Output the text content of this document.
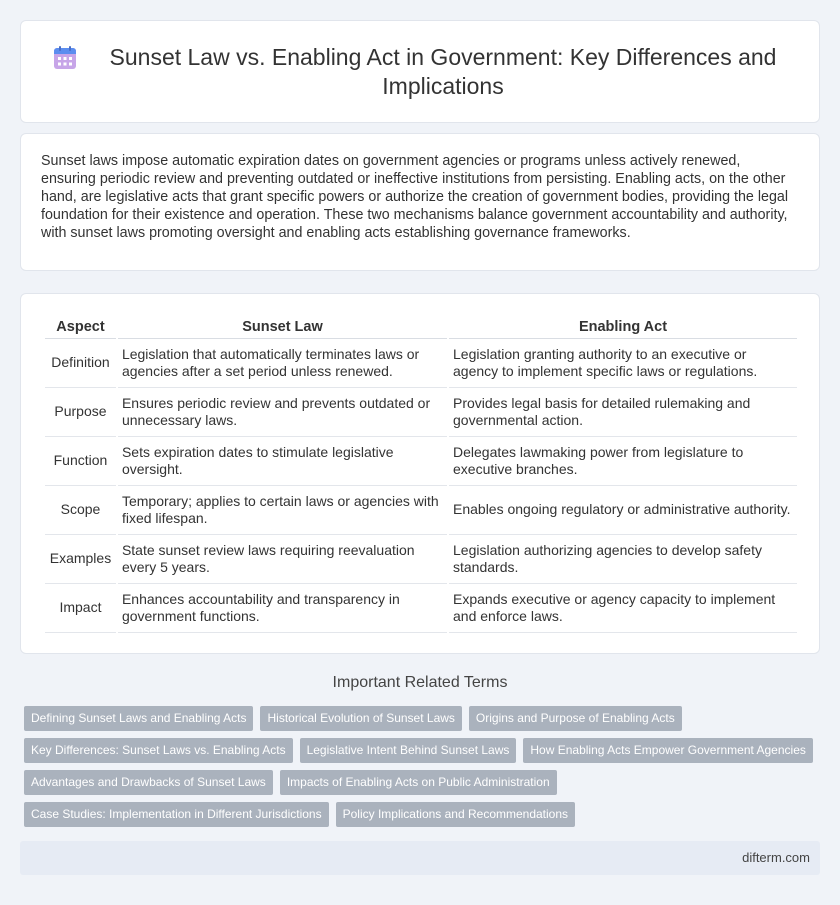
Sunset Law vs. Enabling Act in Government: Key Differences and Implications

Sunset laws impose automatic expiration dates on government agencies or programs unless actively renewed, ensuring periodic review and preventing outdated or ineffective institutions from persisting. Enabling acts, on the other hand, are legislative acts that grant specific powers or authorize the creation of government bodies, providing the legal foundation for their existence and operation. These two mechanisms balance government accountability and authority, with sunset laws promoting oversight and enabling acts establishing governance frameworks.

Aspect	Sunset Law	Enabling Act
Definition	Legislation that automatically terminates laws or agencies after a set period unless renewed.	Legislation granting authority to an executive or agency to implement specific laws or regulations.
Purpose	Ensures periodic review and prevents outdated or unnecessary laws.	Provides legal basis for detailed rulemaking and governmental action.
Function	Sets expiration dates to stimulate legislative oversight.	Delegates lawmaking power from legislature to executive branches.
Scope	Temporary; applies to certain laws or agencies with fixed lifespan.	Enables ongoing regulatory or administrative authority.
Examples	State sunset review laws requiring reevaluation every 5 years.	Legislation authorizing agencies to develop safety standards.
Impact	Enhances accountability and transparency in government functions.	Expands executive or agency capacity to implement and enforce laws.
Important Related Terms
Defining Sunset Laws and Enabling Acts	Historical Evolution of Sunset Laws	Origins and Purpose of Enabling Acts
Key Differences: Sunset Laws vs. Enabling Acts	Legislative Intent Behind Sunset Laws	How Enabling Acts Empower Government Agencies
Advantages and Drawbacks of Sunset Laws	Impacts of Enabling Acts on Public Administration
Case Studies: Implementation in Different Jurisdictions	Policy Implications and Recommendations
difterm.com
